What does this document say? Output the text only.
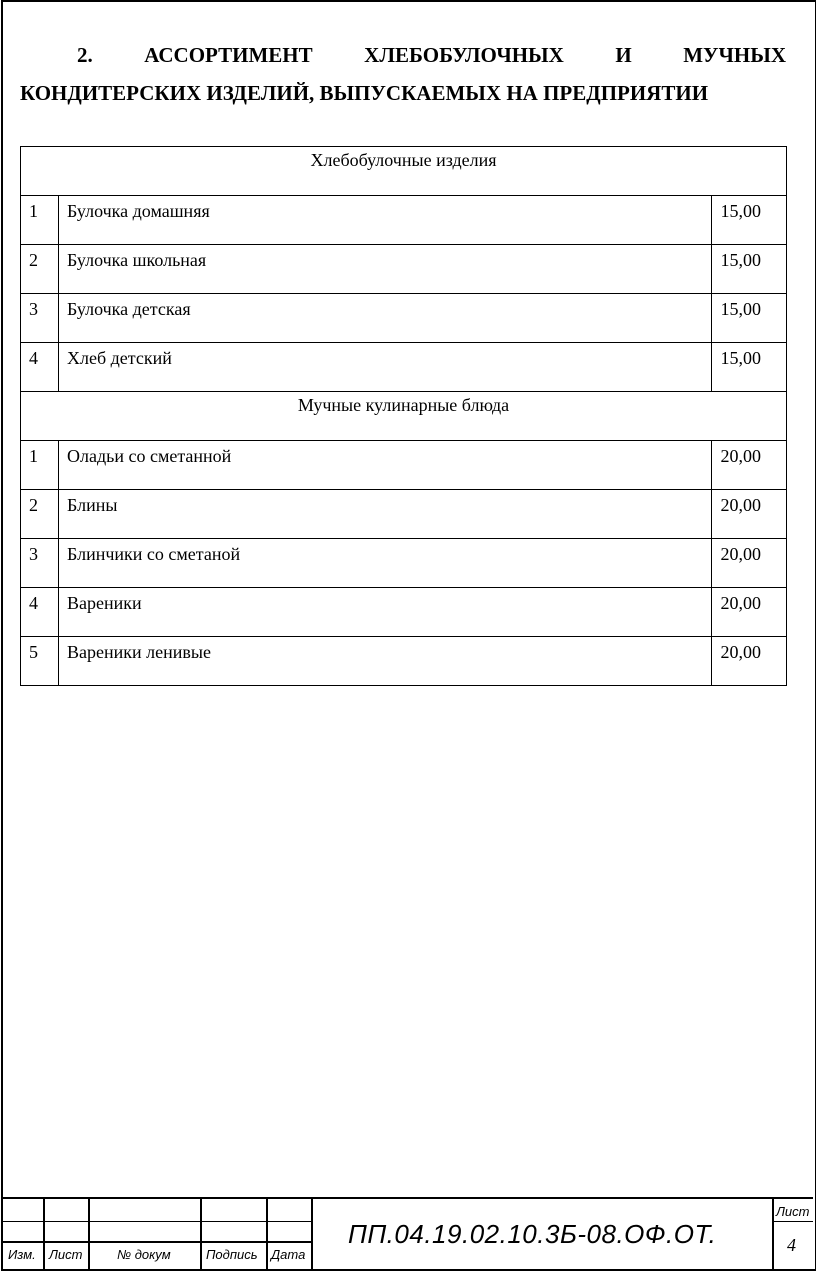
2. АССОРТИМЕНТ ХЛЕБОБУЛОЧНЫХ И МУЧНЫХ
КОНДИТЕРСКИХ ИЗДЕЛИЙ, ВЫПУСКАЕМЫХ НА ПРЕДПРИЯТИИ
Хлебобулочные изделия		

1	Булочка домашняя	15,00

2	Булочка школьная	15,00

3	Булочка детская	15,00

4	Хлеб детский	15,00

Мучные кулинарные блюда		

1	Оладьи со сметанной	20,00

2	Блины	20,00

3	Блинчики со сметаной	20,00

4	Вареники	20,00

5	Вареники ленивые	20,00
Изм. Лист	№ докум	Подпись Дата
Лист
ПП.04.19.02.10.3Б-08.ОФ.ОТ.	4
